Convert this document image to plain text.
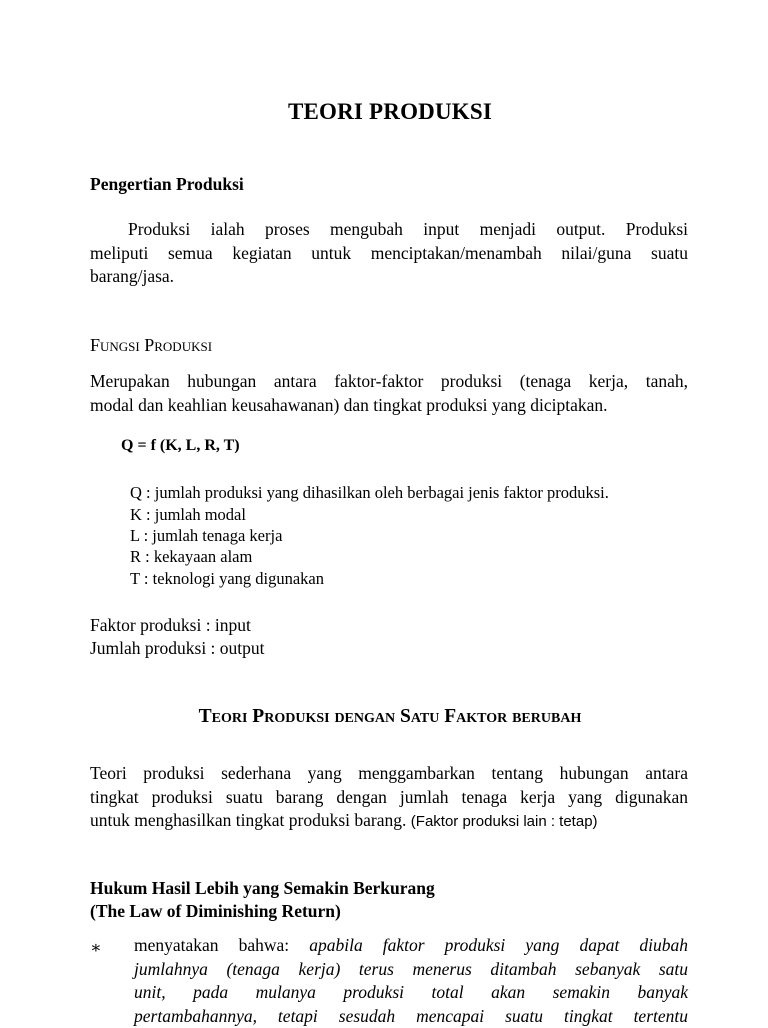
TEORI PRODUKSI
Pengertian Produksi
Produksi ialah proses mengubah input menjadi output. Produksi
meliputi semua kegiatan untuk menciptakan/menambah nilai/guna suatu
barang/jasa.
Fungsi Produksi
Merupakan hubungan antara faktor-faktor produksi (tenaga kerja, tanah,
modal dan keahlian keusahawanan) dan tingkat produksi yang diciptakan.
Q = f (K, L, R, T)
Q : jumlah produksi yang dihasilkan oleh berbagai jenis faktor produksi.
K : jumlah modal
L : jumlah tenaga kerja
R : kekayaan alam
T : teknologi yang digunakan
Faktor produksi : input
Jumlah produksi : output
Teori Produksi dengan Satu Faktor berubah
Teori produksi sederhana yang menggambarkan tentang hubungan antara
tingkat produksi suatu barang dengan jumlah tenaga kerja yang digunakan
untuk menghasilkan tingkat produksi barang. (Faktor produksi lain : tetap)
Hukum Hasil Lebih yang Semakin Berkurang
(The Law of Diminishing Return)
∗ menyatakan bahwa: apabila faktor produksi yang dapat diubah
jumlahnya (tenaga kerja) terus menerus ditambah sebanyak satu
unit, pada mulanya produksi total akan semakin banyak
pertambahannya, tetapi sesudah mencapai suatu tingkat tertentu
